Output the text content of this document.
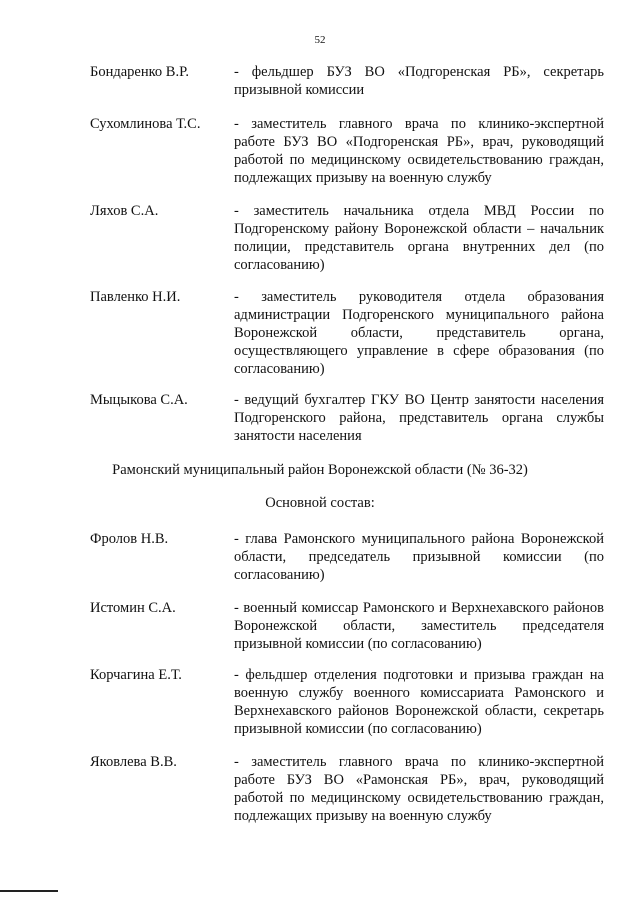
52
Бондаренко В.Р.	- фельдшер БУЗ ВО «Подгоренская РБ», секретарь призывной комиссии
Сухомлинова Т.С. - заместитель главного врача по клинико-экспертной работе БУЗ ВО «Подгоренская РБ», врач, руководящий работой по медицинскому освидетельствованию граждан, подлежащих призыву на военную службу
Ляхов С.А.	- заместитель начальника отдела МВД России по Подгоренскому району Воронежской области – начальник полиции, представитель органа внутренних дел (по согласованию)
Павленко Н.И.	- заместитель руководителя отдела образования администрации Подгоренского муниципального района Воронежской области, представитель органа, осуществляющего управление в сфере образования (по согласованию)
Мыцыкова С.А.	- ведущий бухгалтер ГКУ ВО Центр занятости населения Подгоренского района, представитель органа службы занятости населения
Рамонский муниципальный район Воронежской области (№ 36-32)
Основной состав:
Фролов Н.В.	- глава Рамонского муниципального района Воронежской области, председатель призывной комиссии (по согласованию)
Истомин С.А.	- военный комиссар Рамонского и Верхнехавского районов Воронежской области, заместитель председателя призывной комиссии (по согласованию)
Корчагина Е.Т.	- фельдшер отделения подготовки и призыва граждан на военную службу военного комиссариата Рамонского и Верхнехавского районов Воронежской области, секретарь призывной комиссии (по согласованию)
Яковлева В.В.	- заместитель главного врача по клинико-экспертной работе БУЗ ВО «Рамонская РБ», врач, руководящий работой по медицинскому освидетельствованию граждан, подлежащих призыву на военную службу
